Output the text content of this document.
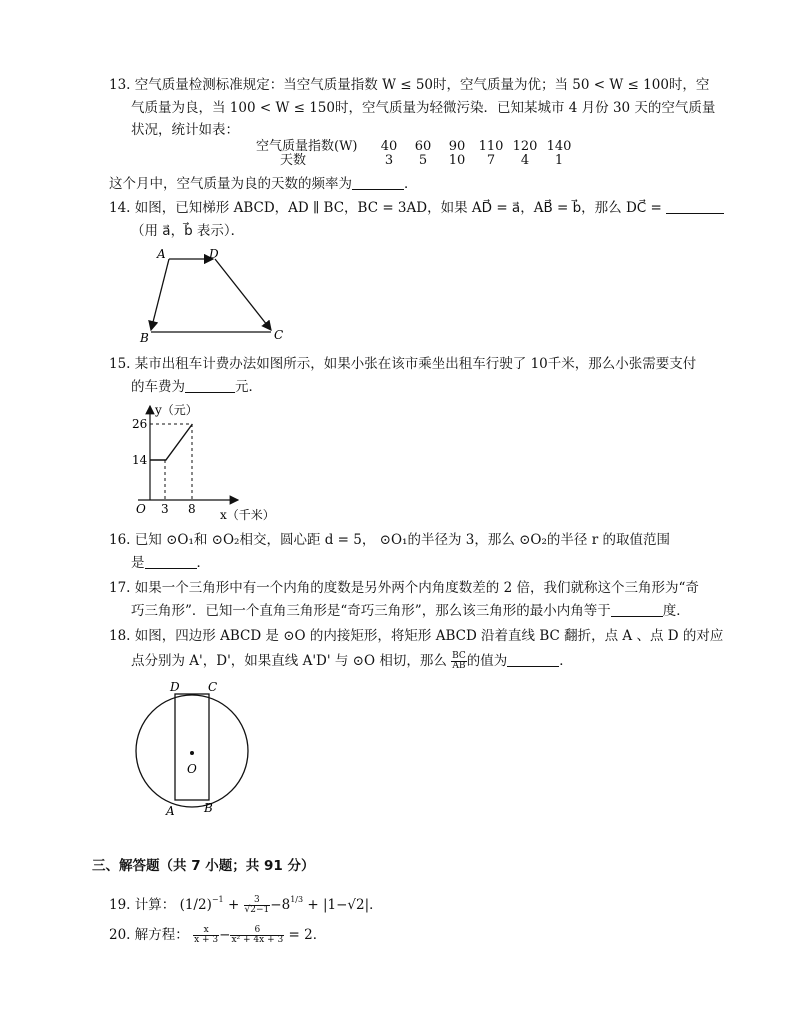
13. 空气质量检测标准规定：当空气质量指数 W ≤ 50时，空气质量为优；当 50 < W ≤ 100时，空
气质量为良，当 100 < W ≤ 150时，空气质量为轻微污染．已知某城市 4 月份 30 天的空气质量
状况，统计如表：
空气质量指数(W)	40	60	90	110 120 140
天数	3	5	10	7	4	1
这个月中，空气质量为良的天数的频率为	．
14. 如图，已知梯形 ABCD，AD ∥ BC，BC = 3AD，如果 AD⃗ = a⃗，AB⃗ = b⃗，那么 DC⃗ =
（用 a⃗，b⃗ 表示）．
A	D
B	C
15. 某市出租车计费办法如图所示，如果小张在该市乘坐出租车行驶了 10千米，那么小张需要支付
的车费为	元．
y（元）
x（千米）
O
26
14
3 8
16. 已知 ⊙O₁和 ⊙O₂相交，圆心距 d = 5， ⊙O₁的半径为 3，那么 ⊙O₂的半径 r 的取值范围
是	．
17. 如果一个三角形中有一个内角的度数是另外两个内角度数差的 2 倍，我们就称这个三角形为“奇
巧三角形”．已知一个直角三角形是“奇巧三角形”，那么该三角形的最小内角等于	度．
18. 如图，四边形 ABCD 是 ⊙O 的内接矩形，将矩形 ABCD 沿着直线 BC 翻折，点 A 、点 D 的对应
点分别为 A'，D'，如果直线 A'D' 与 ⊙O 相切，那么 $\frac{BC}{AB}$ 的值为	．
O
D C
A B
三、解答题（共 7 小题；共 91 分）
19. 计算： $(1/2)^{-1} + \frac{3}{√2-1} -8^{1/3} + |1-√2|$．
20. 解方程： $\frac{x}{x + 3} - \frac{6}{\text{x² + 4x + 3}} = 2$．
